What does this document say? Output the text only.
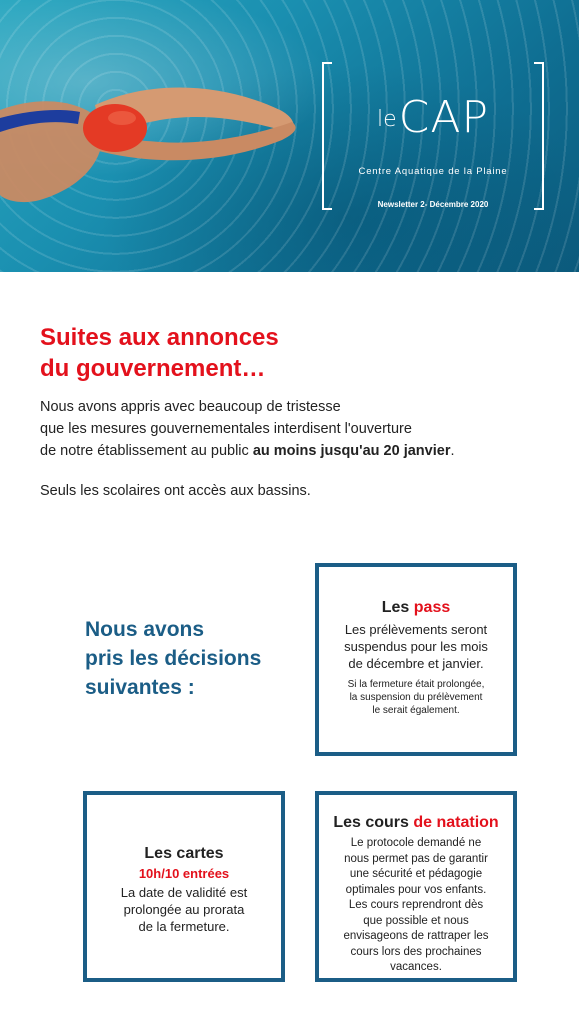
leCAP
Centre Aquatique de la Plaine
Newsletter 2- Décembre 2020
Suites aux annonces
du gouvernement…
Nous avons appris avec beaucoup de tristesse
que les mesures gouvernementales interdisent l'ouverture
de notre établissement au public au moins jusqu'au 20 janvier.
Seuls les scolaires ont accès aux bassins.
Nous avons
pris les décisions
suivantes :
Les pass
Les prélèvements seront
suspendus pour les mois
de décembre et janvier.
Si la fermeture était prolongée,
la suspension du prélèvement
le serait également.
Les cartes
10h/10 entrées
La date de validité est
prolongée au prorata
de la fermeture.
Les cours de natation
Le protocole demandé ne
nous permet pas de garantir
une sécurité et pédagogie
optimales pour vos enfants.
Les cours reprendront dès
que possible et nous
envisageons de rattraper les
cours lors des prochaines
vacances.
